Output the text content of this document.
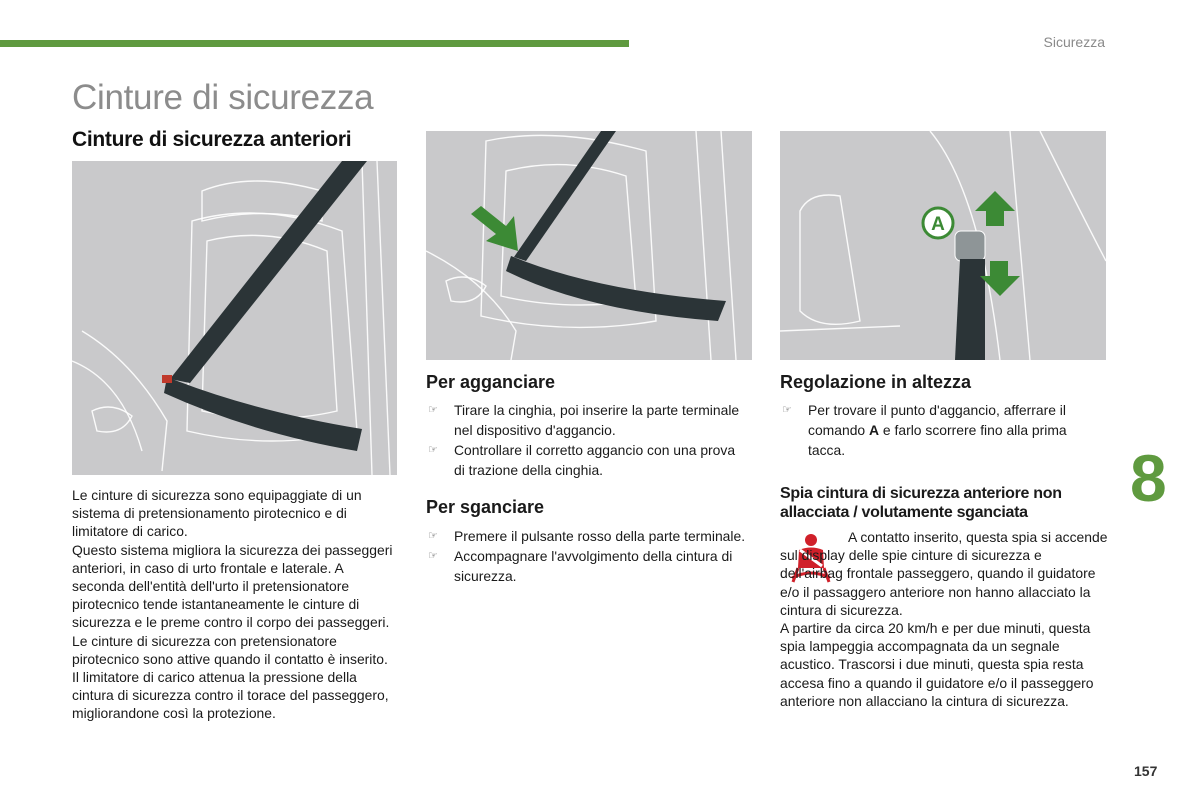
Sicurezza
Cinture di sicurezza
Cinture di sicurezza anteriori
A

Le cinture di sicurezza sono equipaggiate di un sistema di pretensionamento pirotecnico e di limitatore di carico.

Questo sistema migliora la sicurezza dei passeggeri anteriori, in caso di urto frontale e laterale. A seconda dell'entità dell'urto il pretensionatore pirotecnico tende istantaneamente le cinture di sicurezza e le preme contro il corpo dei passeggeri.

Le cinture di sicurezza con pretensionatore pirotecnico sono attive quando il contatto è inserito.

Il limitatore di carico attenua la pressione della cintura di sicurezza contro il torace del passeggero, migliorandone così la protezione.

Per agganciare
☞ Tirare la cinghia, poi inserire la parte terminale nel dispositivo d'aggancio.
☞ Controllare il corretto aggancio con una prova di trazione della cinghia.
Per sganciare
☞ Premere il pulsante rosso della parte terminale.
☞ Accompagnare l'avvolgimento della cintura di sicurezza.
Regolazione in altezza
☞ Per trovare il punto d'aggancio, afferrare il comando A e farlo scorrere fino alla prima tacca.
Spia cintura di sicurezza anteriore non allacciata / volutamente sganciata

A contatto inserito, questa spia si accende sul display delle spie cinture di sicurezza e dell'airbag frontale passeggero, quando il guidatore e/o il passaggero anteriore non hanno allacciato la cintura di sicurezza.

A partire da circa 20 km/h e per due minuti, questa spia lampeggia accompagnata da un segnale acustico. Trascorsi i due minuti, questa spia resta accesa fino a quando il guidatore e/o il passeggero anteriore non allacciano la cintura di sicurezza.

8
157
